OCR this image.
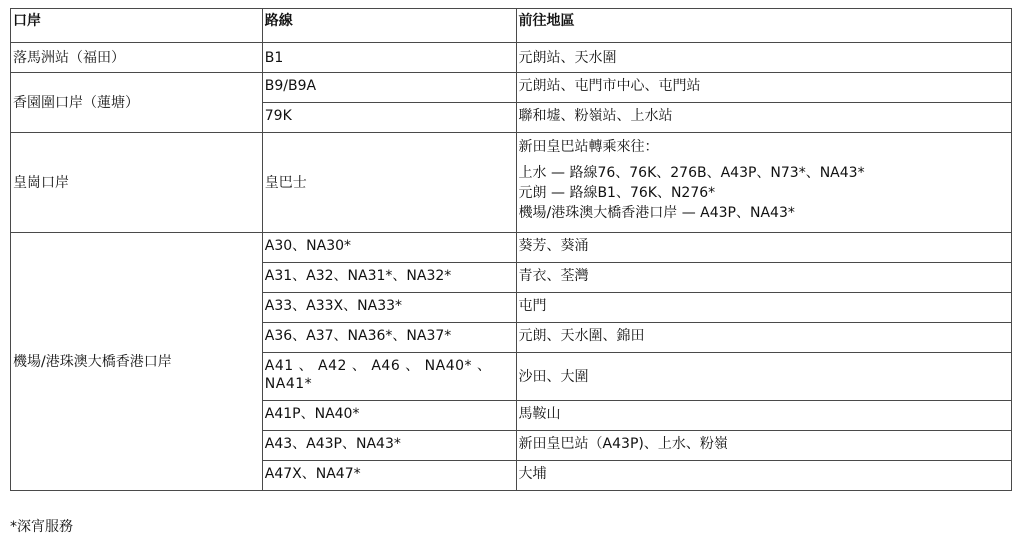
口岸	路線	前往地區
落馬洲站（福田）	B1	元朗站、天水圍
香園圍口岸（蓮塘）	B9/B9A	元朗站、屯門市中心、屯門站
	79K	聯和墟、粉嶺站、上水站
皇崗口岸	皇巴士	新田皇巴站轉乘來往：
上水 — 路線76、76K、276B、A43P、N73*、NA43*
元朗 — 路線B1、76K、N276*
機場/港珠澳大橋香港口岸 — A43P、NA43*

機場/港珠澳大橋香港口岸	A30、NA30*	葵芳、葵涌
	A31、A32、NA31*、NA32*	青衣、荃灣
	A33、A33X、NA33*	屯門
	A36、A37、NA36*、NA37*	元朗、天水圍、錦田
	A41 、 A42 、 A46 、 NA40* 、 NA41*	沙田、大圍
	A41P、NA40*	馬鞍山
	A43、A43P、NA43*	新田皇巴站（A43P)、上水、粉嶺
	A47X、NA47*	大埔
*深宵服務
